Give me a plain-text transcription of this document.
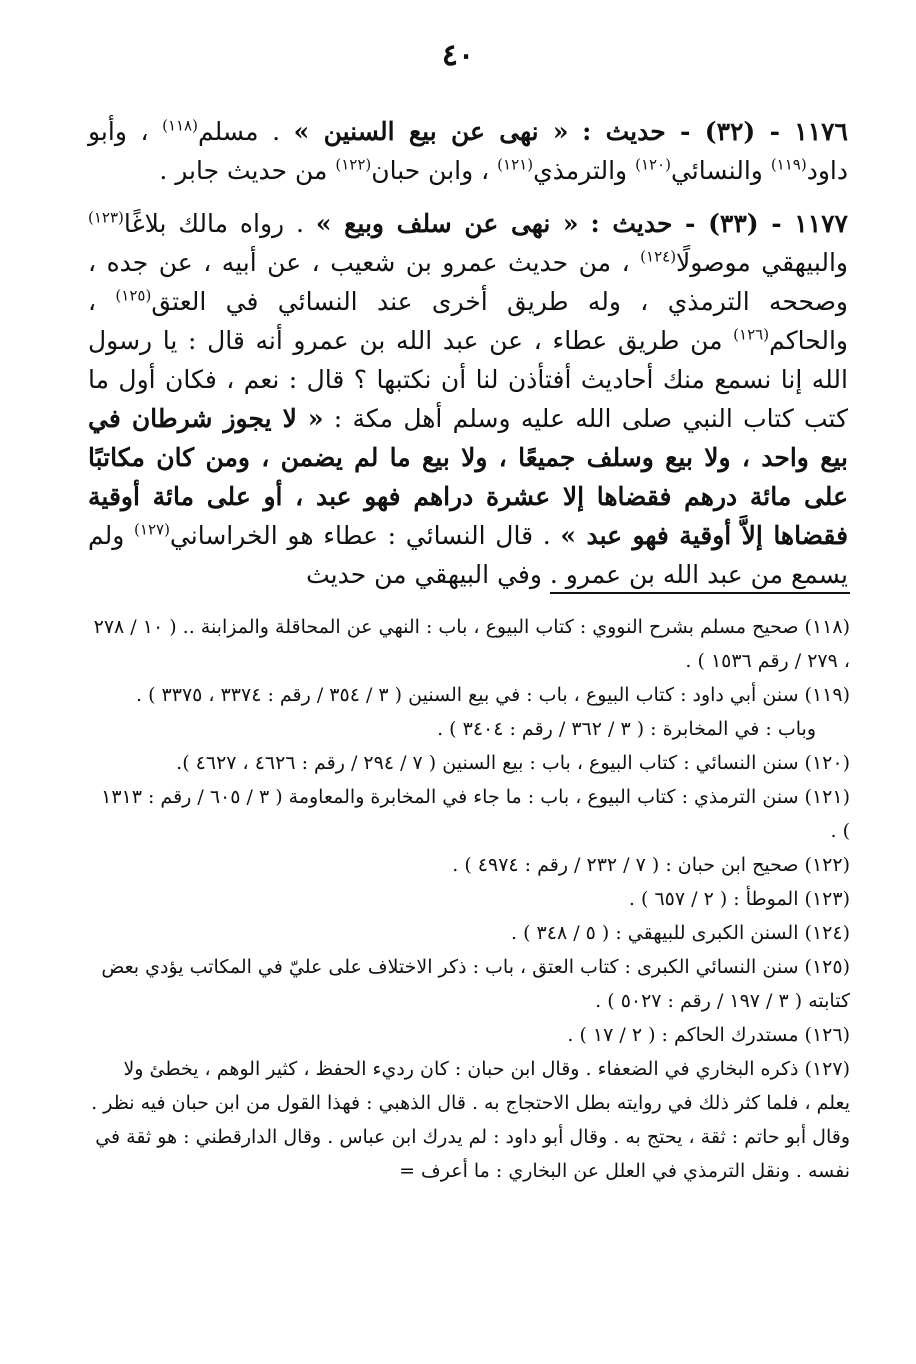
٤٠

١١٧٦ - (٣٢) - حديث : « نهى عن بيع السنين » . مسلم$^{(١١٨)}$ ، وأبو داود$^{(١١٩)}$ والنسائي$^{(١٢٠)}$ والترمذي$^{(١٢١)}$ ، وابن حبان$^{(١٢٢)}$ من حديث جابر .

١١٧٧ - (٣٣) - حديث : « نهى عن سلف وبيع » . رواه مالك بلاغًا$^{(١٢٣)}$ والبيهقي موصولًا$^{(١٢٤)}$ ، من حديث عمرو بن شعيب ، عن أبيه ، عن جده ، وصححه الترمذي ، وله طريق أخرى عند النسائي في العتق$^{(١٢٥)}$ ، والحاكم$^{(١٢٦)}$ من طريق عطاء ، عن عبد الله بن عمرو أنه قال : يا رسول الله إنا نسمع منك أحاديث أفتأذن لنا أن نكتبها ؟ قال : نعم ، فكان أول ما كتب كتاب النبي صلى الله عليه وسلم أهل مكة : « لا يجوز شرطان في بيع واحد ، ولا بيع وسلف جميعًا ، ولا بيع ما لم يضمن ، ومن كان مكاتبًا على مائة درهم فقضاها إلا عشرة دراهم فهو عبد ، أو على مائة أوقية فقضاها إلاَّ أوقية فهو عبد » . قال النسائي : عطاء هو الخراساني$^{(١٢٧)}$ ولم يسمع من عبد الله بن عمرو . وفي البيهقي من حديث

(١١٨) صحيح مسلم بشرح النووي : كتاب البيوع ، باب : النهي عن المحاقلة والمزابنة .. ( ١٠ / ٢٧٨ ، ٢٧٩ / رقم ١٥٣٦ ) .

(١١٩) سنن أبي داود : كتاب البيوع ، باب : في بيع السنين ( ٣ / ٣٥٤ / رقم : ٣٣٧٤ ، ٣٣٧٥ ) .

وباب : في المخابرة : ( ٣ / ٣٦٢ / رقم : ٣٤٠٤ ) .

(١٢٠) سنن النسائي : كتاب البيوع ، باب : بيع السنين ( ٧ / ٢٩٤ / رقم : ٤٦٢٦ ، ٤٦٢٧ ).

(١٢١) سنن الترمذي : كتاب البيوع ، باب : ما جاء في المخابرة والمعاومة ( ٣ / ٦٠٥ / رقم : ١٣١٣ ) .

(١٢٢) صحيح ابن حبان : ( ٧ / ٢٣٢ / رقم : ٤٩٧٤ ) .

(١٢٣) الموطأ : ( ٢ / ٦٥٧ ) .

(١٢٤) السنن الكبرى للبيهقي : ( ٥ / ٣٤٨ ) .

(١٢٥) سنن النسائي الكبرى : كتاب العتق ، باب : ذكر الاختلاف على عليّ في المكاتب يؤدي بعض كتابته ( ٣ / ١٩٧ / رقم : ٥٠٢٧ ) .

(١٢٦) مستدرك الحاكم : ( ٢ / ١٧ ) .

(١٢٧) ذكره البخاري في الضعفاء . وقال ابن حبان : كان رديء الحفظ ، كثير الوهم ، يخطئ ولا يعلم ، فلما كثر ذلك في روايته بطل الاحتجاج به . قال الذهبي : فهذا القول من ابن حبان فيه نظر . وقال أبو حاتم : ثقة ، يحتج به . وقال أبو داود : لم يدرك ابن عباس . وقال الدارقطني : هو ثقة في نفسه . ونقل الترمذي في العلل عن البخاري : ما أعرف =
